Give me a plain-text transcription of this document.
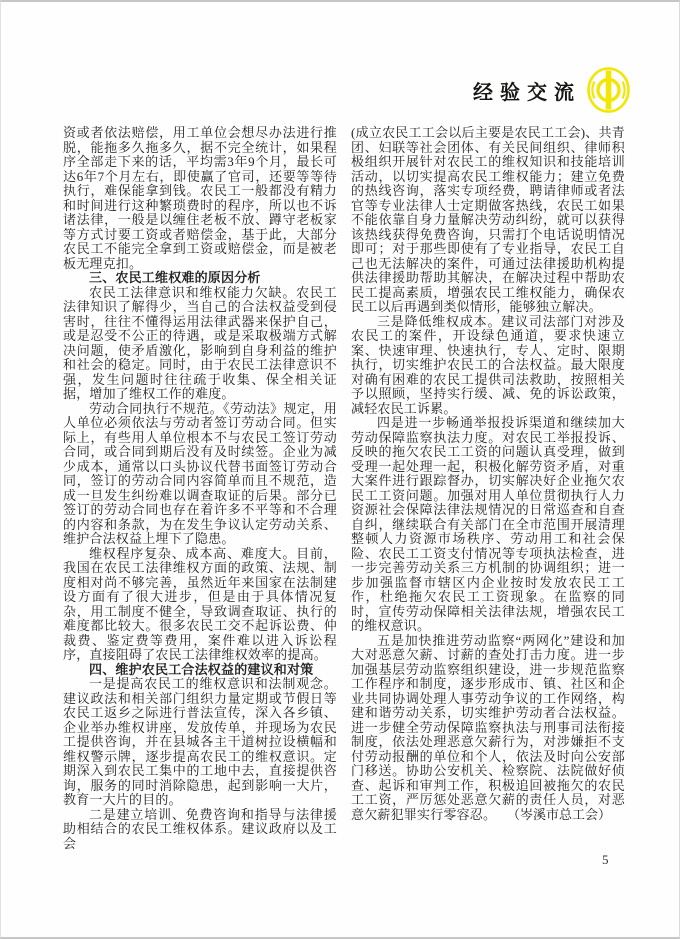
经验交流

资或者依法赔偿，用工单位会想尽办法进行推脱，能拖多久拖多久，据不完全统计，如果程序全部走下来的话，平均需3年9个月，最长可达6年7个月左右，即使赢了官司，还要等等待执行，难保能拿到钱。农民工一般都没有精力和时间进行这种繁琐费时的程序，所以也不诉诸法律，一般是以缠住老板不放、蹲守老板家等方式讨要工资或者赔偿金，基于此，大部分农民工不能完全拿到工资或赔偿金，而是被老板无理克扣。

三、农民工维权难的原因分析

农民工法律意识和维权能力欠缺。农民工法律知识了解得少，当自己的合法权益受到侵害时，往往不懂得运用法律武器来保护自己，或是忍受不公正的待遇，或是采取极端方式解决问题，使矛盾激化，影响到自身利益的维护和社会的稳定。同时，由于农民工法律意识不强，发生问题时往往疏于收集、保全相关证据，增加了维权工作的难度。

劳动合同执行不规范。《劳动法》规定，用人单位必须依法与劳动者签订劳动合同。但实际上，有些用人单位根本不与农民工签订劳动合同，或合同到期后没有及时续签。企业为减少成本，通常以口头协议代替书面签订劳动合同，签订的劳动合同内容简单而且不规范，造成一旦发生纠纷难以调查取证的后果。部分已签订的劳动合同也存在着许多不平等和不合理的内容和条款，为在发生争议认定劳动关系、维护合法权益上埋下了隐患。

维权程序复杂、成本高、难度大。目前，我国在农民工法律维权方面的政策、法规、制度相对尚不够完善，虽然近年来国家在法制建设方面有了很大进步，但是由于具体情况复杂，用工制度不健全，导致调查取证、执行的难度都比较大。很多农民工交不起诉讼费、仲裁费、鉴定费等费用，案件难以进入诉讼程序，直接阻碍了农民工法律维权效率的提高。

四、维护农民工合法权益的建议和对策

一是提高农民工的维权意识和法制观念。建议政法和相关部门组织力量定期或节假日等农民工返乡之际进行普法宣传，深入各乡镇、企业举办维权讲座，发放传单，并现场为农民工提供咨询，并在县城各主干道树拉设横幅和维权警示牌，逐步提高农民工的维权意识。定期深入到农民工集中的工地中去，直接提供咨询，服务的同时消除隐患，起到影响一大片，教育一大片的目的。

二是建立培训、免费咨询和指导与法律援助相结合的农民工维权体系。建议政府以及工会

(成立农民工工会以后主要是农民工工会)、共青团、妇联等社会团体、有关民间组织、律师积极组织开展针对农民工的维权知识和技能培训活动，以切实提高农民工维权能力；建立免费的热线咨询，落实专项经费，聘请律师或者法官等专业法律人士定期做客热线，农民工如果不能依靠自身力量解决劳动纠纷，就可以获得该热线获得免费咨询，只需打个电话说明情况即可；对于那些即使有了专业指导，农民工自己也无法解决的案件，可通过法律援助机构提供法律援助帮助其解决，在解决过程中帮助农民工提高素质，增强农民工维权能力，确保农民工以后再遇到类似情形，能够独立解决。

三是降低维权成本。建议司法部门对涉及农民工的案件，开设绿色通道，要求快速立案、快速审理、快速执行，专人、定时、限期执行，切实维护农民工的合法权益。最大限度对确有困难的农民工提供司法救助，按照相关予以照顾，坚持实行缓、减、免的诉讼政策，减轻农民工诉累。

四是进一步畅通举报投诉渠道和继续加大劳动保障监察执法力度。对农民工举报投诉、反映的拖欠农民工工资的问题认真受理，做到受理一起处理一起，积极化解劳资矛盾，对重大案件进行跟踪督办，切实解决好企业拖欠农民工工资问题。加强对用人单位贯彻执行人力资源社会保障法律法规情况的日常巡查和自查自纠，继续联合有关部门在全市范围开展清理整顿人力资源市场秩序、劳动用工和社会保险、农民工工资支付情况等专项执法检查，进一步完善劳动关系三方机制的协调组织；进一步加强监督市辖区内企业按时发放农民工工作，杜绝拖欠农民工工资现象。在监察的同时，宣传劳动保障相关法律法规，增强农民工的维权意识。

五是加快推进劳动监察“两网化”建设和加大对恶意欠薪、讨薪的查处打击力度。进一步加强基层劳动监察组织建设，进一步规范监察工作程序和制度，逐步形成市、镇、社区和企业共同协调处理人事劳动争议的工作网络，构建和谐劳动关系，切实维护劳动者合法权益。进一步健全劳动保障监察执法与刑事司法衔接制度，依法处理恶意欠薪行为，对涉嫌拒不支付劳动报酬的单位和个人，依法及时向公安部门移送。协助公安机关、检察院、法院做好侦查、起诉和审判工作，积极追回被拖欠的农民工工资，严厉惩处恶意欠薪的责任人员，对恶意欠薪犯罪实行零容忍。 （岑溪市总工会）
5
